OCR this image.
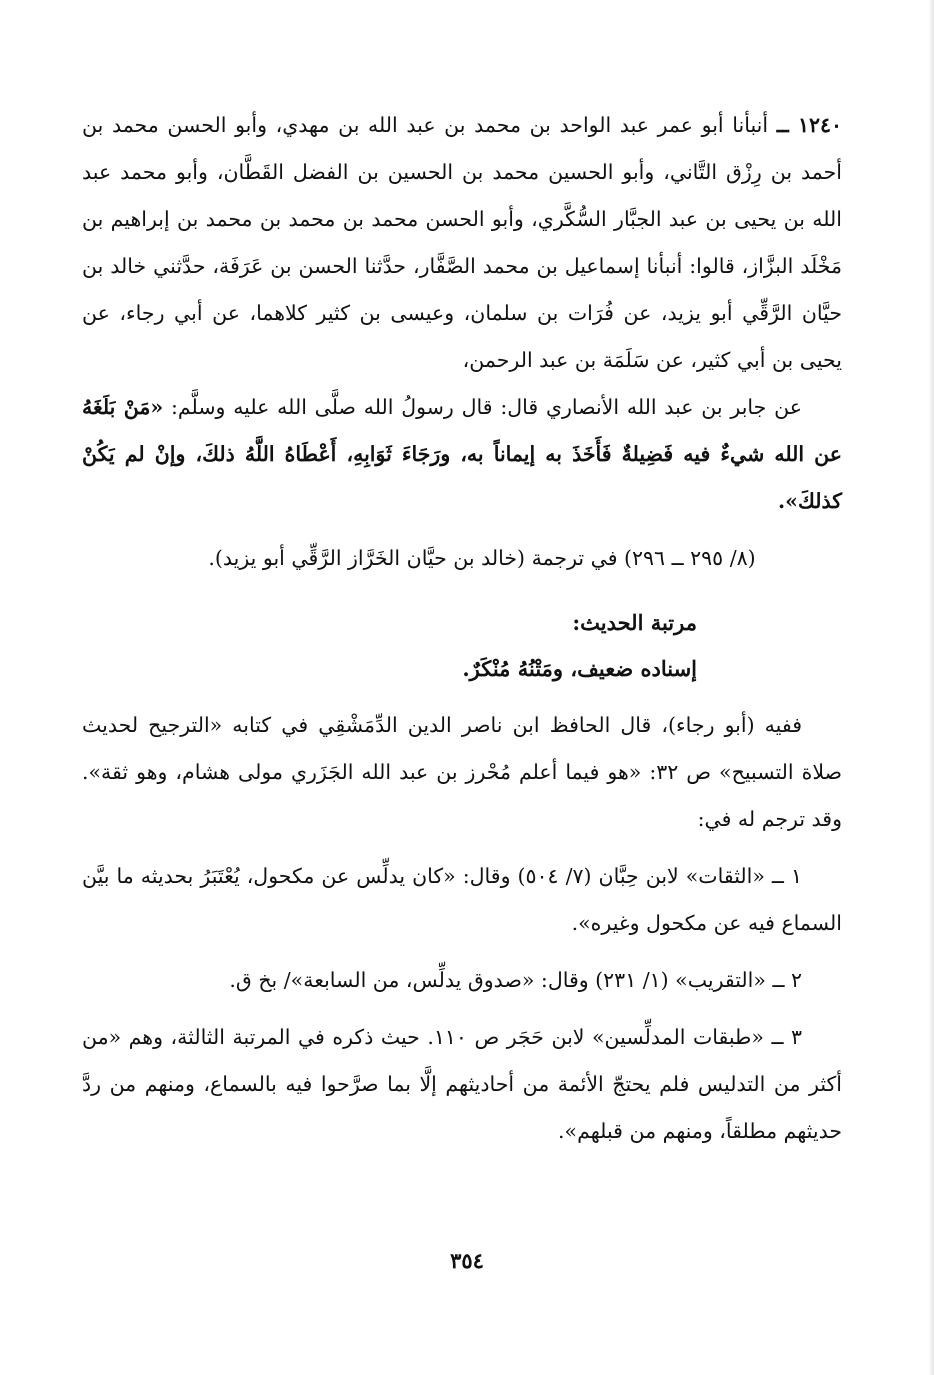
١٢٤٠ ــ أنبأنا أبو عمر عبد الواحد بن محمد بن عبد الله بن مهدي، وأبو الحسن محمد بن أحمد بن رِزْق التَّاني، وأبو الحسين محمد بن الحسين بن الفضل القَطَّان، وأبو محمد عبد الله بن يحيى بن عبد الجبَّار السُّكَّري، وأبو الحسن محمد بن محمد بن محمد بن إبراهيم بن مَخْلَد البزَّاز، قالوا: أنبأنا إسماعيل بن محمد الصَّفَّار، حدَّثنا الحسن بن عَرَفَة، حدَّثني خالد بن حيَّان الرَّقِّي أبو يزيد، عن فُرَات بن سلمان، وعيسى بن كثير كلاهما، عن أبي رجاء، عن يحيى بن أبي كثير، عن سَلَمَة بن عبد الرحمن،

عن جابر بن عبد الله الأنصاري قال: قال رسولُ الله صلَّى الله عليه وسلَّم: «مَنْ بَلَغَهُ عن الله شيءٌ فيه فَضِيلةٌ فَأَخَذَ به إيماناً به، ورَجَاءَ ثَوَابِهِ، أَعْطَاهُ اللَّهُ ذلكَ، وإنْ لم يَكُنْ كذلكَ».

(٨/ ٢٩٥ ــ ٢٩٦) في ترجمة (خالد بن حيَّان الخَرَّاز الرَّقِّي أبو يزيد).

مرتبة الحديث:

إسناده ضعيف، ومَتْنُهُ مُنْكَرٌ.

ففيه (أبو رجاء)، قال الحافظ ابن ناصر الدين الدِّمَشْقِي في كتابه «الترجيح لحديث صلاة التسبيح» ص ٣٢: «هو فيما أعلم مُحْرز بن عبد الله الجَزَري مولى هشام، وهو ثقة». وقد ترجم له في:

١ ــ «الثقات» لابن حِبَّان (٧/ ٥٠٤) وقال: «كان يدلِّس عن مكحول، يُعْتَبَرُ بحديثه ما بيَّن السماع فيه عن مكحول وغيره».

٢ ــ «التقريب» (١/ ٢٣١) وقال: «صدوق يدلِّس، من السابعة»/ بخ ق.

٣ ــ «طبقات المدلِّسين» لابن حَجَر ص ١١٠. حيث ذكره في المرتبة الثالثة، وهم «من أكثر من التدليس فلم يحتجّ الأئمة من أحاديثهم إلَّا بما صرَّحوا فيه بالسماع، ومنهم من ردَّ حديثهم مطلقاً، ومنهم من قبلهم».

٣٥٤
